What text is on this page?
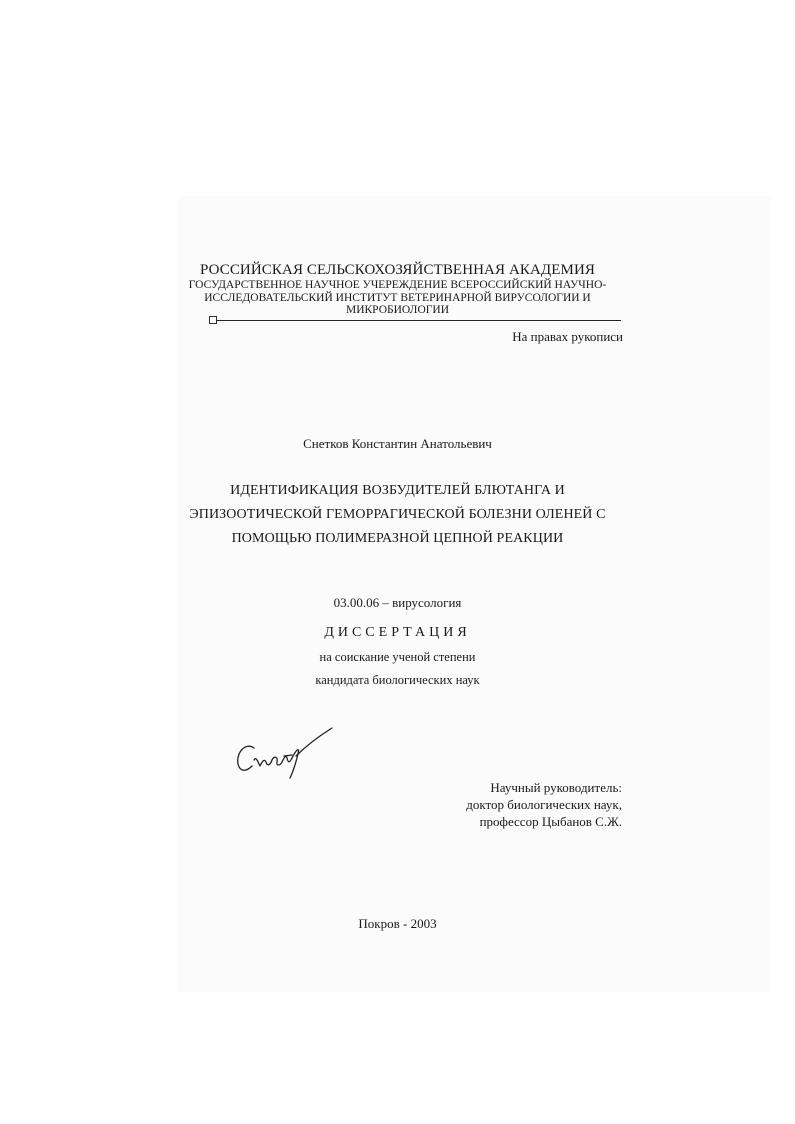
РОССИЙСКАЯ СЕЛЬСКОХОЗЯЙСТВЕННАЯ АКАДЕМИЯ
ГОСУДАРСТВЕННОЕ НАУЧНОЕ УЧЕРЕЖДЕНИЕ ВСЕРОССИЙСКИЙ НАУЧНО-
ИССЛЕДОВАТЕЛЬСКИЙ ИНСТИТУТ ВЕТЕРИНАРНОЙ ВИРУСОЛОГИИ И
МИКРОБИОЛОГИИ
На правах рукописи
Снетков Константин Анатольевич
ИДЕНТИФИКАЦИЯ ВОЗБУДИТЕЛЕЙ БЛЮТАНГА И
ЭПИЗООТИЧЕСКОЙ ГЕМОРРАГИЧЕСКОЙ БОЛЕЗНИ ОЛЕНЕЙ С
ПОМОЩЬЮ ПОЛИМЕРАЗНОЙ ЦЕПНОЙ РЕАКЦИИ
03.00.06 – вирусология
ДИССЕРТАЦИЯ
на соискание ученой степени
кандидата биологических наук
Научный руководитель:
доктор биологических наук,
профессор Цыбанов С.Ж.
Покров - 2003
